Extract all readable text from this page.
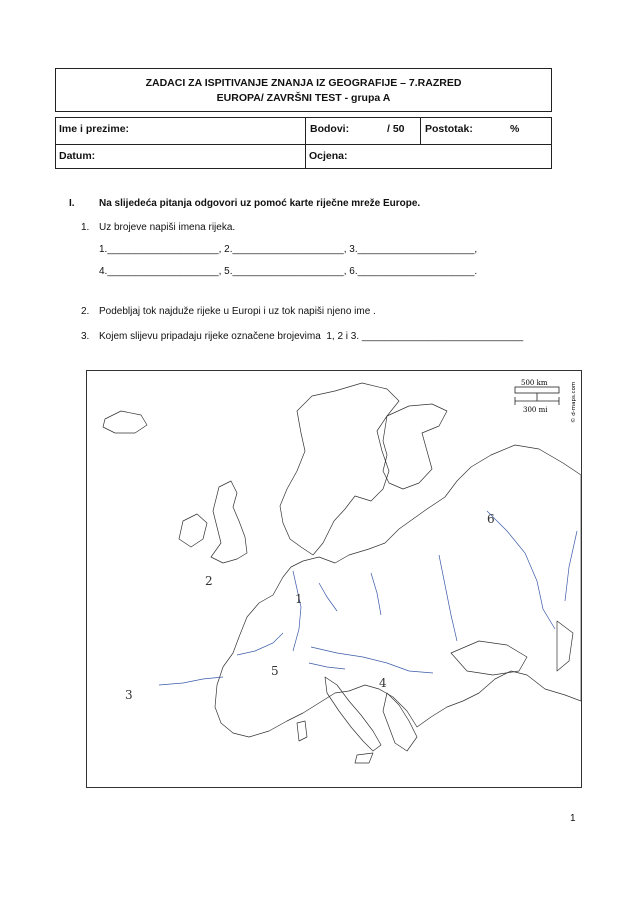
ZADACI ZA ISPITIVANJE ZNANJA IZ GEOGRAFIJE – 7.RAZRED
EUROPA/ ZAVRŠNI TEST - grupa A
Ime i prezime:	Bodovi:	/ 50 Postotak:	%
Datum:	Ocjena:
I. Na slijedeća pitanja odgovori uz pomoć karte riječne mreže Europe.
1. Uz brojeve napiši imena rijeka.
1.____________________, 2.____________________, 3._____________________,
4.____________________, 5.____________________, 6._____________________.
2. Podebljaj tok najduže rijeke u Europi i uz tok napiši njeno ime .
3. Kojem slijevu pripadaju rijeke označene brojevima  1, 2 i 3. _____________________________
500 km
300 mi	© d-maps.com
1
2
3
4
5
6
1
